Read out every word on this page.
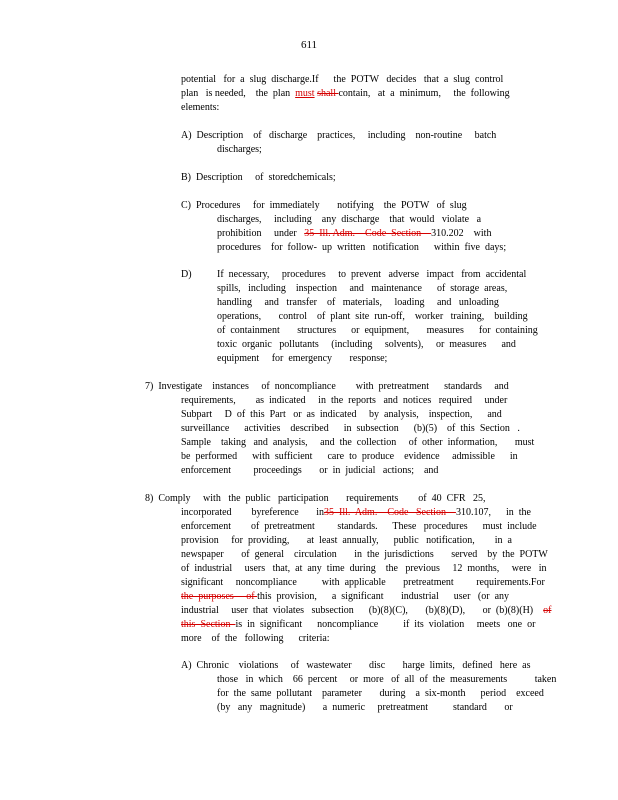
611
potential   for  a  slug  discharge.If      the  POTW   decides   that  a  slug  control
plan   is needed,    the  plan  must shall contain,   at  a  minimum,     the  following
elements:
A)  Description    of   discharge    practices,     including    non-routine     batch
discharges;
B)  Description     of  storedchemicals;
C)  Procedures     for  immediately       notifying    the  POTW   of  slug
discharges,     including    any  discharge    that  would   violate   a
prohibition     under   35  Ill. Adm.    Code  Section    310.202    with
procedures    for  follow-  up  written   notification      within  five  days;
D)	If  necessary,     procedures     to  prevent   adverse   impact   from  accidental
spills,   including    inspection     and   maintenance      of  storage  areas,
handling     and   transfer    of   materials,     loading     and   unloading
operations,       control    of  plant  site  run-off,    worker   training,    building
of  containment       structures      or  equipment,       measures      for  containing
toxic  organic   pollutants     (including     solvents),     or  measures      and
equipment     for  emergency       response;
7)  Investigate    instances     of  noncompliance        with  pretreatment      standards     and
requirements,        as  indicated     in  the  reports   and  notices   required     under
Subpart     D  of  this  Part   or  as  indicated     by  analysis,    inspection,      and
surveillance      activities    described      in  subsection      (b)(5)    of  this  Section   .
Sample    taking   and  analysis,     and  the  collection     of  other  information,       must
be  performed      with  sufficient      care  to  produce    evidence     admissible      in
enforcement         proceedings       or  in  judicial   actions;    and
8)  Comply     with   the  public   participation       requirements        of  40  CFR   25,
incorporated        byreference       in35  Ill.  Adm.    Code   Section    310.107,      in  the
enforcement        of  pretreatment         standards.      These   procedures      must  include
provision     for  providing,       at  least  annually,      public   notification,        in  a
newspaper       of  general    circulation       in  the  jurisdictions       served    by  the  POTW
of  industrial     users   that,  at  any  time  during    the   previous     12  months,     were   in
significant     noncompliance          with  applicable       pretreatment         requirements.For
the  purposes     of this  provision,      a  significant       industrial      user   (or  any
industrial     user  that  violates   subsection      (b)(8)(C),       (b)(8)(D),       or  (b)(8)(H)    of
this  Section  is  in  significant      noncompliance          if  its  violation     meets   one  or
more    of  the   following      criteria:
A)  Chronic    violations     of   wastewater       disc       harge  limits,   defined   here  as
those   in  which    66  percent     or  more   of  all  of  the  measurements           taken
for  the  same  pollutant    parameter       during    a  six-month      period    exceed
(by   any   magnitude)       a  numeric     pretreatment          standard       or
